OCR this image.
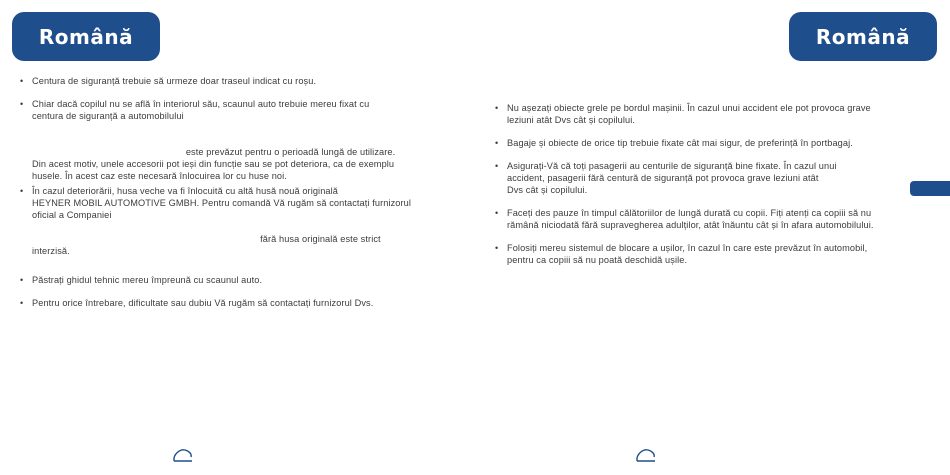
Română	Română
• Centura de siguranță trebuie să urmeze doar traseul indicat cu roșu.
• Chiar dacă copilul nu se află în interiorul său, scaunul auto trebuie mereu fixat cu
centura de siguranță a automobilului
este prevăzut pentru o perioadă lungă de utilizare.
Din acest motiv, unele accesorii pot ieși din funcție sau se pot deteriora, ca de exemplu
husele. În acest caz este necesară înlocuirea lor cu huse noi.
• În cazul deteriorării, husa veche va fi înlocuită cu altă husă nouă originală
HEYNER MOBIL AUTOMOTIVE GMBH. Pentru comandă Vă rugăm să contactați furnizorul
oficial a Companiei
fără husa originală este strict
interzisă.
• Păstrați ghidul tehnic mereu împreună cu scaunul auto.
• Pentru orice întrebare, dificultate sau dubiu Vă rugăm să contactați furnizorul Dvs.
• Nu așezați obiecte grele pe bordul mașinii. În cazul unui accident ele pot provoca grave
leziuni atât Dvs cât și copilului.
• Bagaje și obiecte de orice tip trebuie fixate cât mai sigur, de preferință în portbagaj.
• Asigurați-Vă că toți pasagerii au centurile de siguranță bine fixate. În cazul unui
accident, pasagerii fără centură de siguranță pot provoca grave leziuni atât
Dvs cât și copilului.
• Faceți des pauze în timpul călătoriilor de lungă durată cu copii. Fiți atenți ca copiii să nu
rămână niciodată fără supravegherea adulților, atât înăuntu cât și în afara automobilului.
• Folosiți mereu sistemul de blocare a ușilor, în cazul în care este prevăzut în automobil,
pentru ca copiii să nu poată deschidă ușile.
